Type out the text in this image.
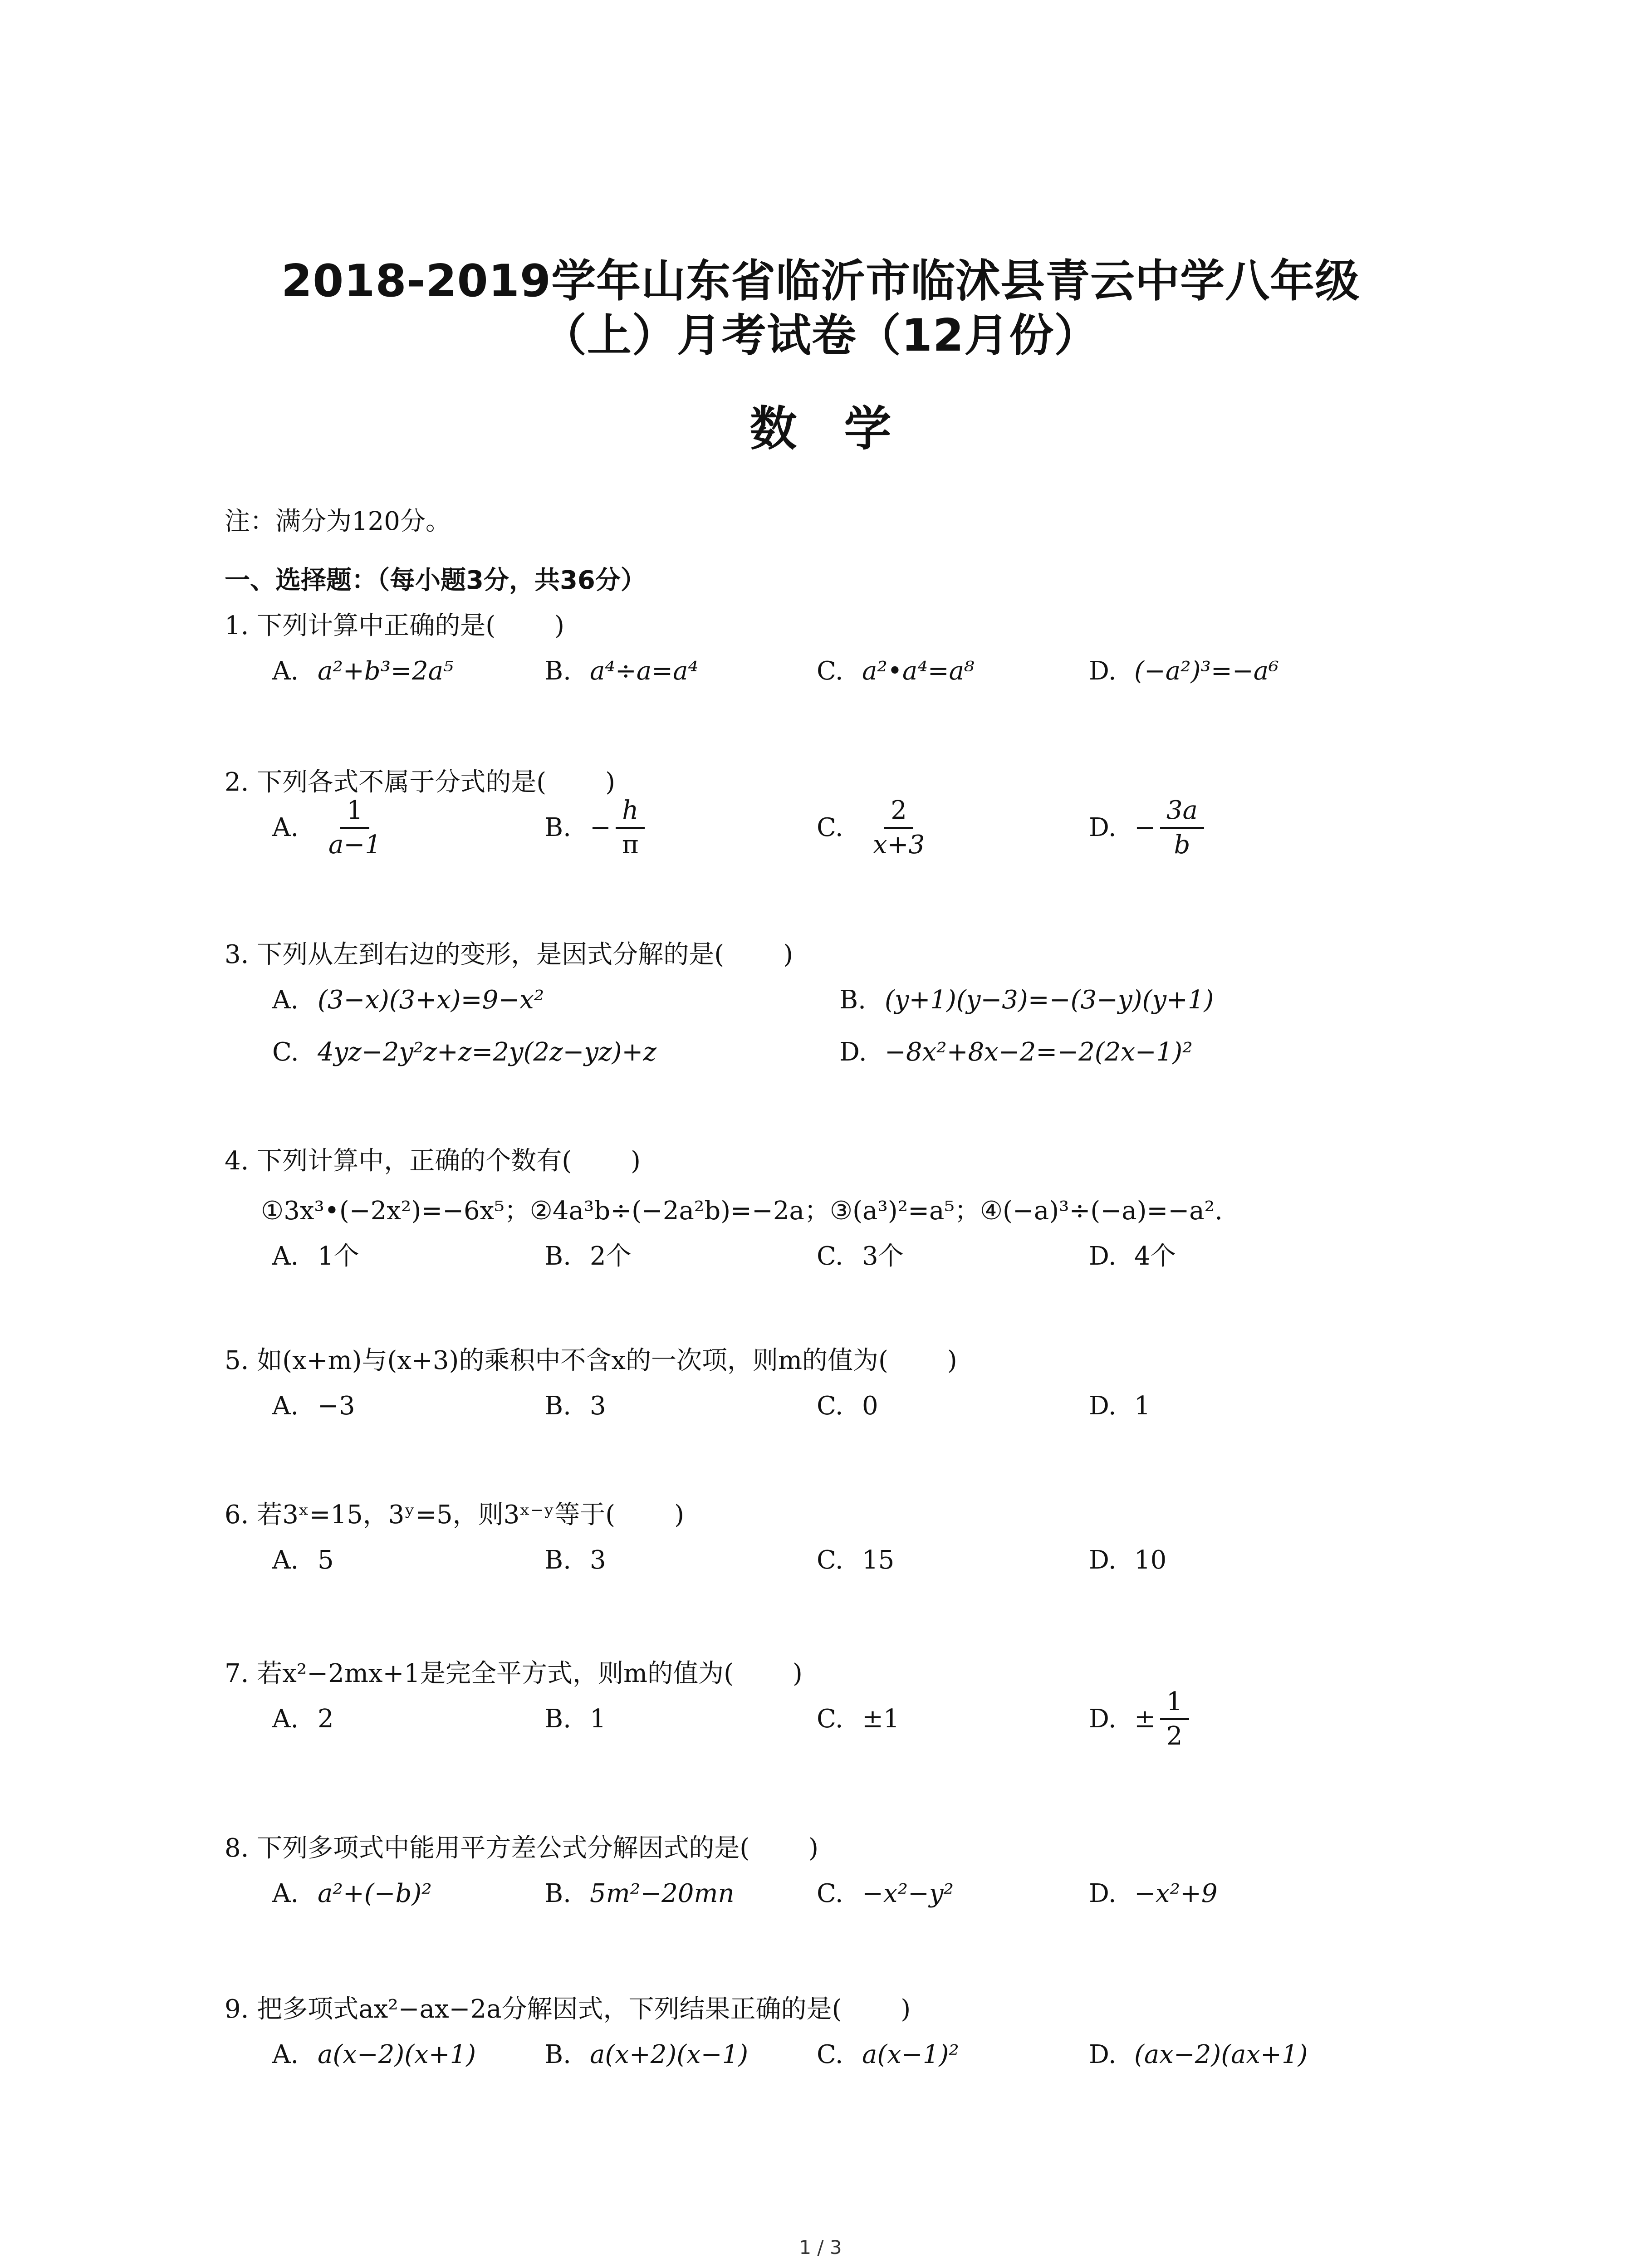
2018-2019学年山东省临沂市临沭县青云中学八年级
（上）月考试卷（12月份）
数　学
注：满分为120分。
一、选择题：（每小题3分，共36分）
1. 下列计算中正确的是( )
A. a²+b³=2a⁵	B. a⁴÷a=a⁴	C. a²•a⁴=a⁸	D. (−a²)³=−a⁶
2. 下列各式不属于分式的是( )
A. $\frac{1}{a-1}$	B. − $\frac{h}{\pi}$	C. $\frac{2}{x+3}$	D. − $\frac{3a}{b}$
3. 下列从左到右边的变形，是因式分解的是( )
A. (3−x)(3+x)=9−x²	B. (y+1)(y−3)=−(3−y)(y+1)
C. 4yz−2y²z+z=2y(2z−yz)+z	D. −8x²+8x−2=−2(2x−1)²
4. 下列计算中，正确的个数有( )
①3x³•(−2x²)=−6x⁵；②4a³b÷(−2a²b)=−2a；③(a³)²=a⁵；④(−a)³÷(−a)=−a².
A. 1个	B. 2个	C. 3个	D. 4个
5. 如(x+m)与(x+3)的乘积中不含x的一次项，则m的值为( )
A. −3	B. 3	C. 0	D. 1
6. 若3ˣ=15，3ʸ=5，则3ˣ⁻ʸ等于( )
A. 5	B. 3	C. 15	D. 10
7. 若x²−2mx+1是完全平方式，则m的值为( )
A. 2	B. 1	C. ±1	D. ± $\frac{1}{2}$
8. 下列多项式中能用平方差公式分解因式的是( )
A. a²+(−b)²	B. 5m²−20mn	C. −x²−y²	D. −x²+9
9. 把多项式ax²−ax−2a分解因式，下列结果正确的是( )
A. a(x−2)(x+1)	B. a(x+2)(x−1)	C. a(x−1)²	D. (ax−2)(ax+1)
1 / 3
